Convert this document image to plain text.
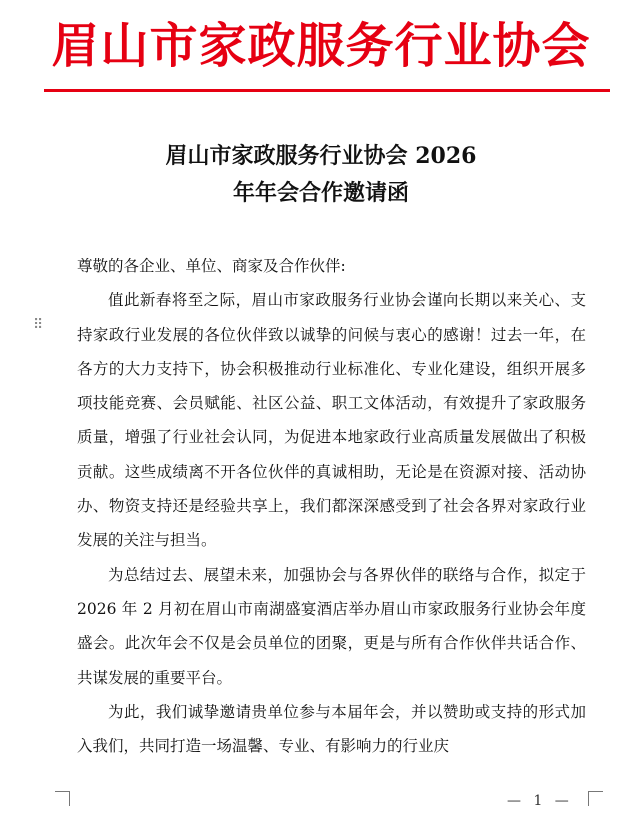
眉山市家政服务行业协会
眉山市家政服务行业协会 2026
年年会合作邀请函
⠿

尊敬的各企业、单位、商家及合作伙伴:

值此新春将至之际，眉山市家政服务行业协会谨向长期以来关心、支持家政行业发展的各位伙伴致以诚挚的问候与衷心的感谢！过去一年，在各方的大力支持下，协会积极推动行业标准化、专业化建设，组织开展多项技能竞赛、会员赋能、社区公益、职工文体活动，有效提升了家政服务质量，增强了行业社会认同，为促进本地家政行业高质量发展做出了积极贡献。这些成绩离不开各位伙伴的真诚相助，无论是在资源对接、活动协办、物资支持还是经验共享上，我们都深深感受到了社会各界对家政行业发展的关注与担当。

为总结过去、展望未来，加强协会与各界伙伴的联络与合作，拟定于 2026 年 2 月初在眉山市南湖盛宴酒店举办眉山市家政服务行业协会年度盛会。此次年会不仅是会员单位的团聚，更是与所有合作伙伴共话合作、共谋发展的重要平台。

为此，我们诚挚邀请贵单位参与本届年会，并以赞助或支持的形式加入我们，共同打造一场温馨、专业、有影响力的行业庆

— 1 —
